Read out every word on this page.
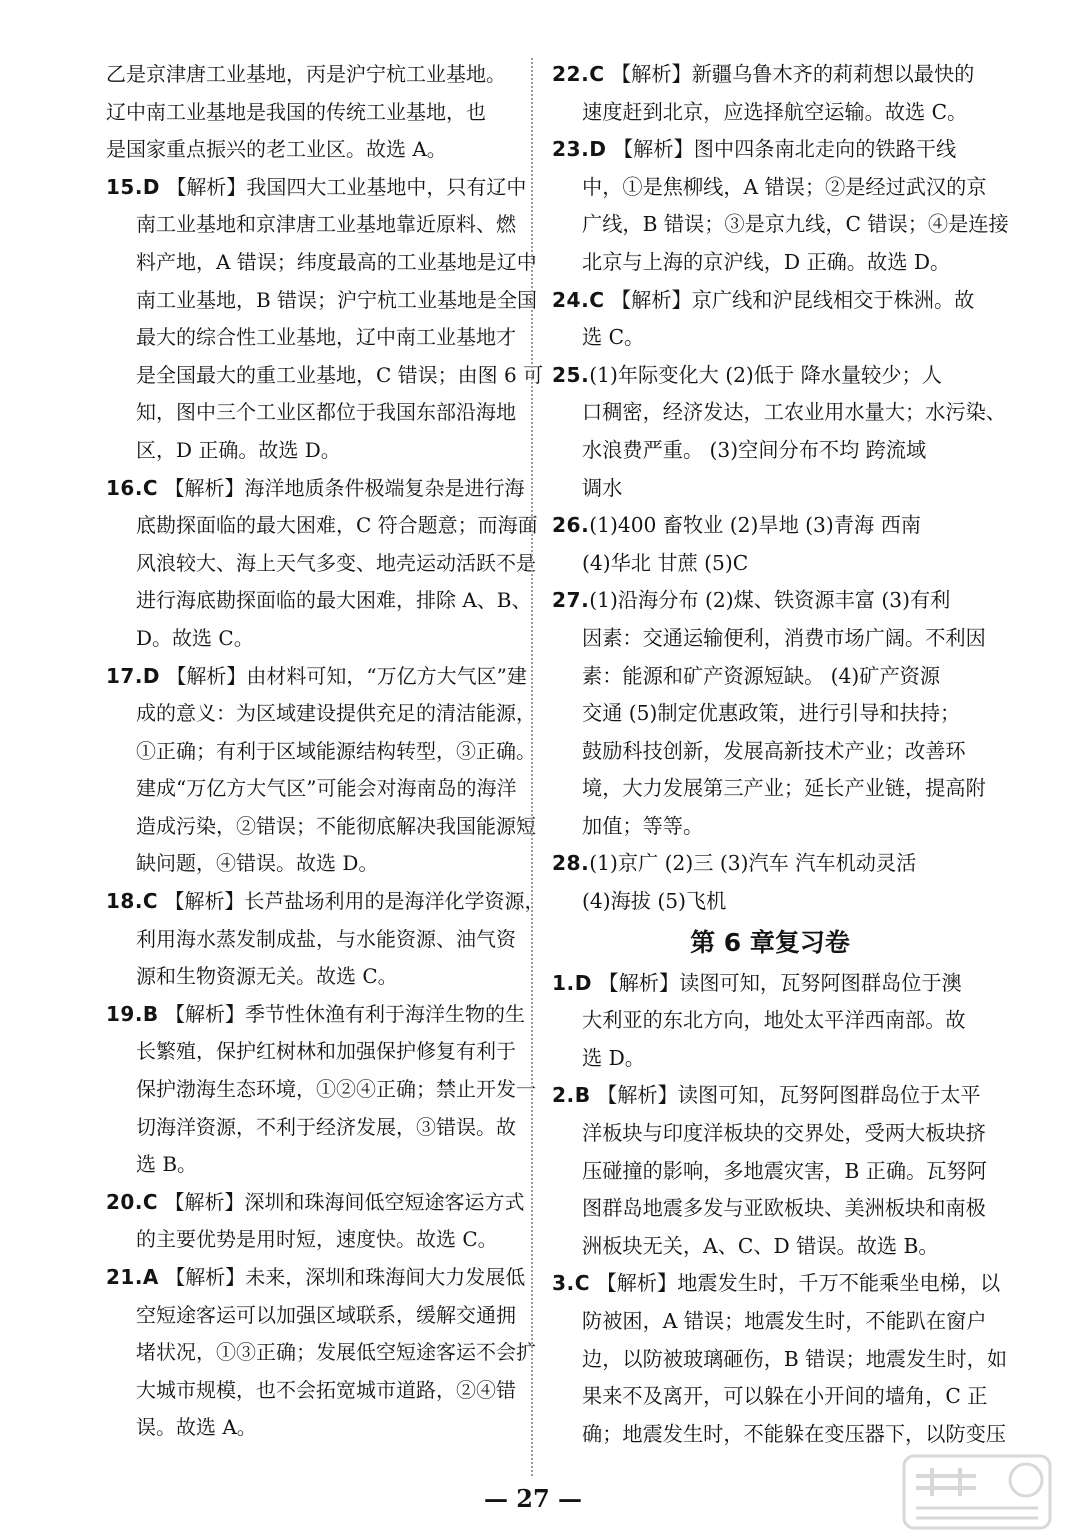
乙是京津唐工业基地，丙是沪宁杭工业基地。
辽中南工业基地是我国的传统工业基地，也
是国家重点振兴的老工业区。故选 A。
15.D 【解析】我国四大工业基地中，只有辽中
南工业基地和京津唐工业基地靠近原料、燃
料产地，A 错误；纬度最高的工业基地是辽中
南工业基地，B 错误；沪宁杭工业基地是全国
最大的综合性工业基地，辽中南工业基地才
是全国最大的重工业基地，C 错误；由图 6 可
知，图中三个工业区都位于我国东部沿海地
区，D 正确。故选 D。
16.C 【解析】海洋地质条件极端复杂是进行海
底勘探面临的最大困难，C 符合题意；而海面
风浪较大、海上天气多变、地壳运动活跃不是
进行海底勘探面临的最大困难，排除 A、B、
D。故选 C。
17.D 【解析】由材料可知，“万亿方大气区”建
成的意义：为区域建设提供充足的清洁能源，
①正确；有利于区域能源结构转型，③正确。
建成“万亿方大气区”可能会对海南岛的海洋
造成污染，②错误；不能彻底解决我国能源短
缺问题，④错误。故选 D。
18.C 【解析】长芦盐场利用的是海洋化学资源，
利用海水蒸发制成盐，与水能资源、油气资
源和生物资源无关。故选 C。
19.B 【解析】季节性休渔有利于海洋生物的生
长繁殖，保护红树林和加强保护修复有利于
保护渤海生态环境，①②④正确；禁止开发一
切海洋资源，不利于经济发展，③错误。故
选 B。
20.C 【解析】深圳和珠海间低空短途客运方式
的主要优势是用时短，速度快。故选 C。
21.A 【解析】未来，深圳和珠海间大力发展低
空短途客运可以加强区域联系，缓解交通拥
堵状况，①③正确；发展低空短途客运不会扩
大城市规模，也不会拓宽城市道路，②④错
误。故选 A。
22.C 【解析】新疆乌鲁木齐的莉莉想以最快的
速度赶到北京，应选择航空运输。故选 C。
23.D 【解析】图中四条南北走向的铁路干线
中，①是焦柳线，A 错误；②是经过武汉的京
广线，B 错误；③是京九线，C 错误；④是连接
北京与上海的京沪线，D 正确。故选 D。
24.C 【解析】京广线和沪昆线相交于株洲。故
选 C。
25.(1)年际变化大 (2)低于 降水量较少；人
口稠密，经济发达，工农业用水量大；水污染、
水浪费严重。 (3)空间分布不均 跨流域
调水
26.(1)400 畜牧业 (2)旱地 (3)青海 西南
(4)华北 甘蔗 (5)C
27.(1)沿海分布 (2)煤、铁资源丰富 (3)有利
因素：交通运输便利，消费市场广阔。不利因
素：能源和矿产资源短缺。 (4)矿产资源
交通 (5)制定优惠政策，进行引导和扶持；
鼓励科技创新，发展高新技术产业；改善环
境，大力发展第三产业；延长产业链，提高附
加值；等等。
28.(1)京广 (2)三 (3)汽车 汽车机动灵活
(4)海拔 (5)飞机
第 6 章复习卷
1.D 【解析】读图可知，瓦努阿图群岛位于澳
大利亚的东北方向，地处太平洋西南部。故
选 D。
2.B 【解析】读图可知，瓦努阿图群岛位于太平
洋板块与印度洋板块的交界处，受两大板块挤
压碰撞的影响，多地震灾害，B 正确。瓦努阿
图群岛地震多发与亚欧板块、美洲板块和南极
洲板块无关，A、C、D 错误。故选 B。
3.C 【解析】地震发生时，千万不能乘坐电梯，以
防被困，A 错误；地震发生时，不能趴在窗户
边，以防被玻璃砸伤，B 错误；地震发生时，如
果来不及离开，可以躲在小开间的墙角，C 正
确；地震发生时，不能躲在变压器下，以防变压
— 27 —
